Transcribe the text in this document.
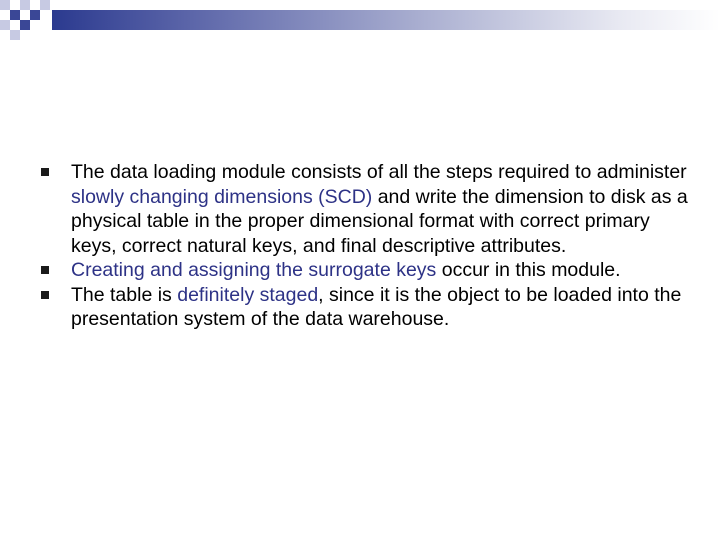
The data loading module consists of all the steps required to administer slowly changing dimensions (SCD) and write the dimension to disk as a physical table in the proper dimensional format with correct primary keys, correct natural keys, and final descriptive attributes.
Creating and assigning the surrogate keys occur in this module.
The table is definitely staged, since it is the object to be loaded into the presentation system of the data warehouse.
